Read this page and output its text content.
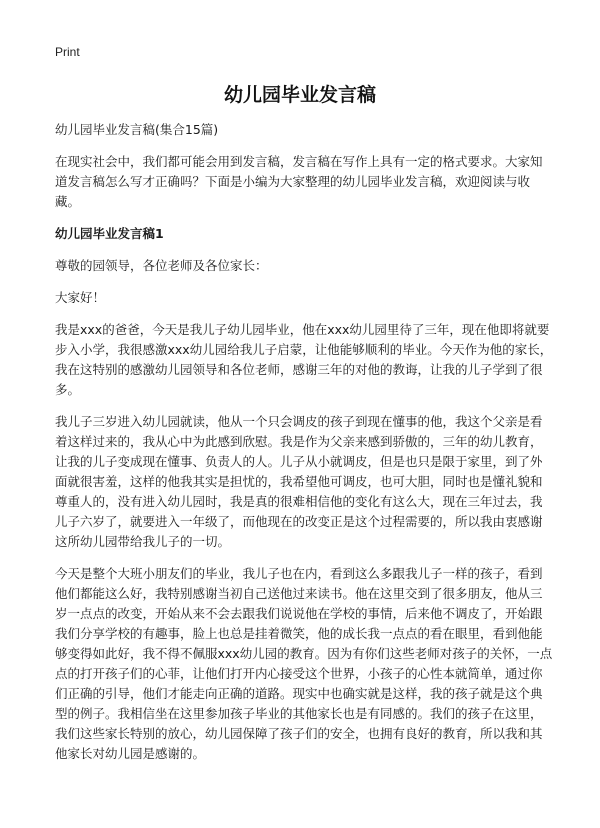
Print
幼儿园毕业发言稿

幼儿园毕业发言稿(集合15篇)

在现实社会中，我们都可能会用到发言稿，发言稿在写作上具有一定的格式要求。大家知道发言稿怎么写才正确吗？下面是小编为大家整理的幼儿园毕业发言稿，欢迎阅读与收藏。

幼儿园毕业发言稿1

尊敬的园领导，各位老师及各位家长：

大家好！

我是xxx的爸爸，今天是我儿子幼儿园毕业，他在xxx幼儿园里待了三年，现在他即将就要步入小学，我很感激xxx幼儿园给我儿子启蒙，让他能够顺利的毕业。今天作为他的家长，我在这特别的感激幼儿园领导和各位老师，感谢三年的对他的教诲，让我的儿子学到了很多。

我儿子三岁进入幼儿园就读，他从一个只会调皮的孩子到现在懂事的他，我这个父亲是看着这样过来的，我从心中为此感到欣慰。我是作为父亲来感到骄傲的，三年的幼儿教育，让我的儿子变成现在懂事、负责人的人。儿子从小就调皮，但是也只是限于家里，到了外面就很害羞，这样的他我其实是担忧的，我希望他可调皮，也可大胆，同时也是懂礼貌和尊重人的，没有进入幼儿园时，我是真的很难相信他的变化有这么大，现在三年过去，我儿子六岁了，就要进入一年级了，而他现在的改变正是这个过程需要的，所以我由衷感谢这所幼儿园带给我儿子的一切。

今天是整个大班小朋友们的毕业，我儿子也在内，看到这么多跟我儿子一样的孩子，看到他们都能这么好，我特别感谢当初自己送他过来读书。他在这里交到了很多朋友，他从三岁一点点的改变，开始从来不会去跟我们说说他在学校的事情，后来他不调皮了，开始跟我们分享学校的有趣事，脸上也总是挂着微笑，他的成长我一点点的看在眼里，看到他能够变得如此好，我不得不佩服xxx幼儿园的教育。因为有你们这些老师对孩子的关怀，一点点的打开孩子们的心菲，让他们打开内心接受这个世界，小孩子的心性本就简单，通过你们正确的引导，他们才能走向正确的道路。现实中也确实就是这样，我的孩子就是这个典型的例子。我相信坐在这里参加孩子毕业的其他家长也是有同感的。我们的孩子在这里，我们这些家长特别的放心，幼儿园保障了孩子们的安全，也拥有良好的教育，所以我和其他家长对幼儿园是感谢的。
